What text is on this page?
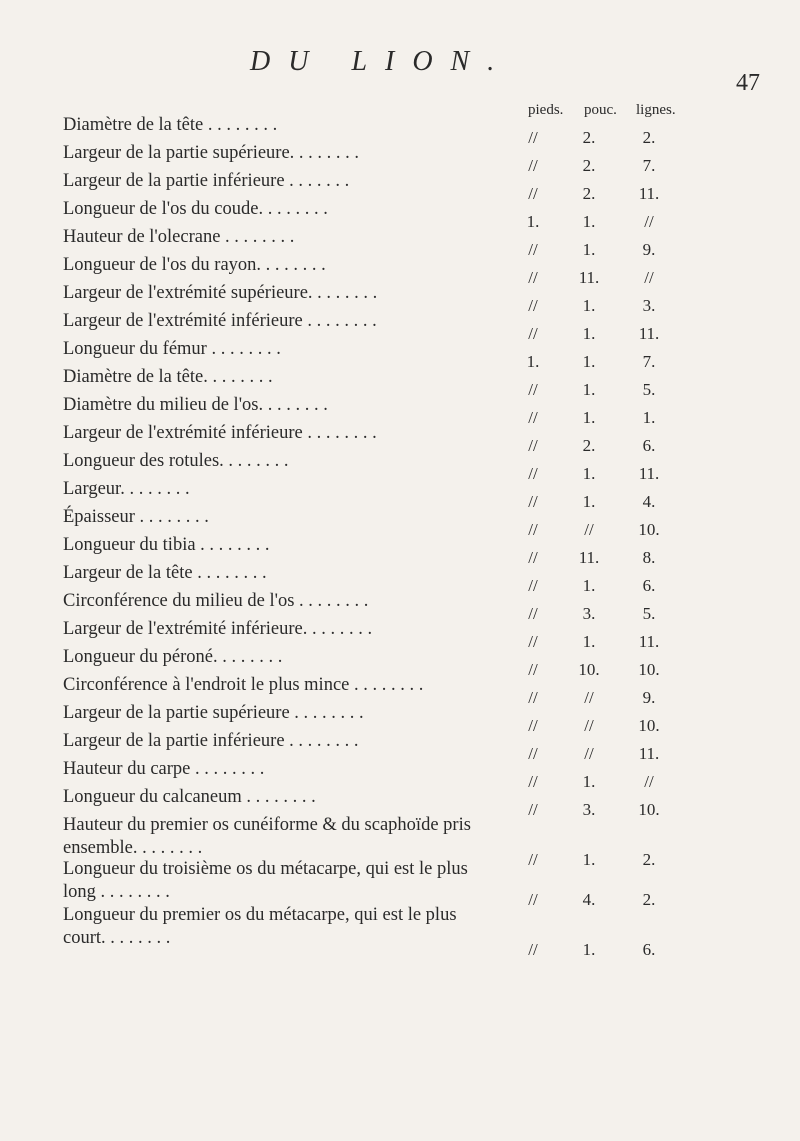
DU LION.
47
pieds. pouc. lignes.
Diamètre de la tête . . . . . . . .
//	2.	2.
Largeur de la partie supérieure. . . . . . . .
//	2.	7.
Largeur de la partie inférieure . . . . . . .
//	2.	11.
Longueur de l'os du coude. . . . . . . .
1.	1.	//
Hauteur de l'olecrane . . . . . . . .
//	1.	9.
Longueur de l'os du rayon. . . . . . . .
//	11.	//
Largeur de l'extrémité supérieure. . . . . . . .
//	1.	3.
Largeur de l'extrémité inférieure . . . . . . . .
//	1.	11.
Longueur du fémur . . . . . . . .
1.	1.	7.
Diamètre de la tête. . . . . . . .
//	1.	5.
Diamètre du milieu de l'os. . . . . . . .
//	1.	1.
Largeur de l'extrémité inférieure . . . . . . . .
//	2.	6.
Longueur des rotules. . . . . . . .
//	1.	11.
Largeur. . . . . . . .
//	1.	4.
Épaisseur . . . . . . . .
//	//	10.
Longueur du tibia . . . . . . . .
//	11.	8.
Largeur de la tête . . . . . . . .
//	1.	6.
Circonférence du milieu de l'os . . . . . . . .
//	3.	5.
Largeur de l'extrémité inférieure. . . . . . . .
//	1.	11.
Longueur du péroné. . . . . . . .
//	10. 10.
Circonférence à l'endroit le plus mince . . . . . . . .
//	//	9.
Largeur de la partie supérieure . . . . . . . .
//	//	10.
Largeur de la partie inférieure . . . . . . . .
//	//	11.
Hauteur du carpe . . . . . . . .
//	1.	//
Longueur du calcaneum . . . . . . . .
//	3.	10.
Hauteur du premier os cunéiforme & du scaphoïde pris ensemble. . . . . . . .
//	1.	2.
Longueur du troisième os du métacarpe, qui est le plus long . . . . . . . .	//	4.	2.
Longueur du premier os du métacarpe, qui est le plus court. . . . . . . .
//	1.	6.
